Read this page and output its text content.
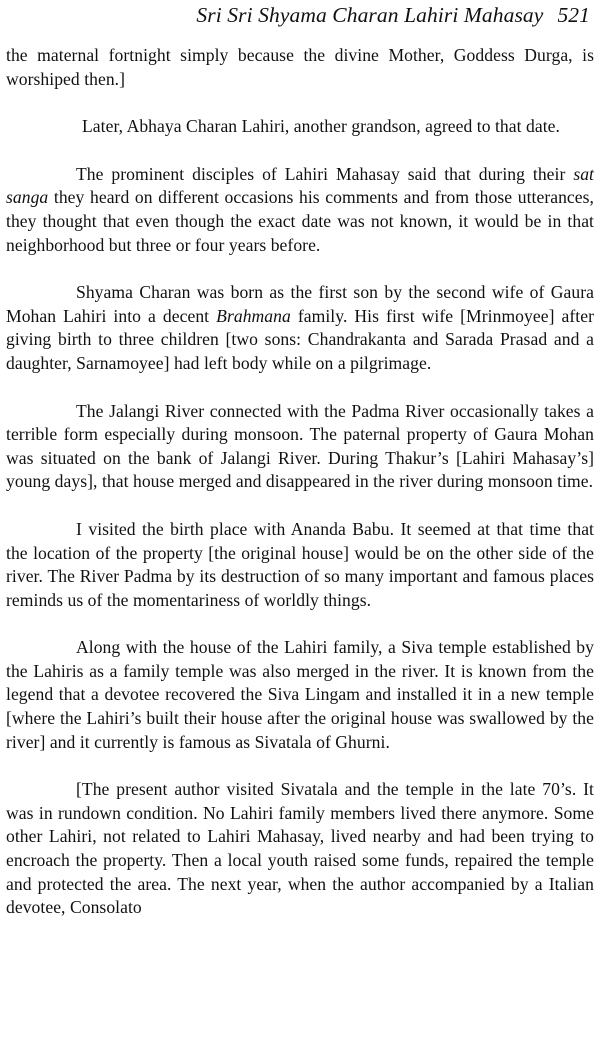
Sri Sri Shyama Charan Lahiri Mahasay 521

the maternal fortnight simply because the divine Mother, Goddess Durga, is worshiped then.]

Later, Abhaya Charan Lahiri, another grandson, agreed to that date.

The prominent disciples of Lahiri Mahasay said that during their sat sanga they heard on different occasions his comments and from those utterances, they thought that even though the exact date was not known, it would be in that neighborhood but three or four years before.

Shyama Charan was born as the first son by the second wife of Gaura Mohan Lahiri into a decent Brahmana family. His first wife [Mrinmoyee] after giving birth to three children [two sons: Chandrakanta and Sarada Prasad and a daughter, Sarnamoyee] had left body while on a pilgrimage.

The Jalangi River connected with the Padma River occasionally takes a terrible form especially during monsoon. The paternal property of Gaura Mohan was situated on the bank of Jalangi River. During Thakur’s [Lahiri Mahasay’s] young days], that house merged and disappeared in the river during monsoon time.

I visited the birth place with Ananda Babu. It seemed at that time that the location of the property [the original house] would be on the other side of the river. The River Padma by its destruction of so many important and famous places reminds us of the momentariness of worldly things.

Along with the house of the Lahiri family, a Siva temple established by the Lahiris as a family temple was also merged in the river. It is known from the legend that a devotee recovered the Siva Lingam and installed it in a new temple [where the Lahiri’s built their house after the original house was swallowed by the river] and it currently is famous as Sivatala of Ghurni.

[The present author visited Sivatala and the temple in the late 70’s. It was in rundown condition. No Lahiri family members lived there anymore. Some other Lahiri, not related to Lahiri Mahasay, lived nearby and had been trying to encroach the property. Then a local youth raised some funds, repaired the temple and protected the area. The next year, when the author accompanied by a Italian devotee, Consolato
